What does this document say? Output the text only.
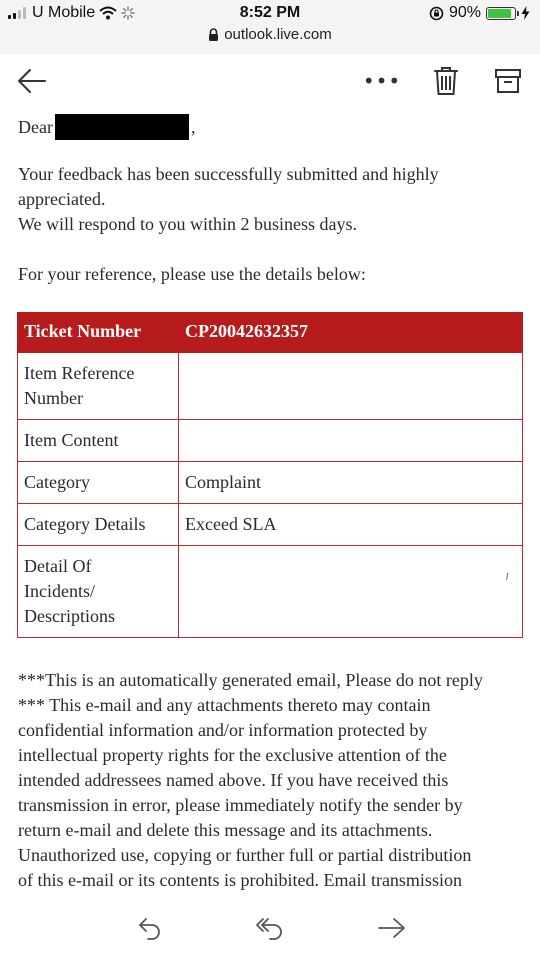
U Mobile	8:52 PM
outlook.live.com
90%
•••
Dear	,
Your feedback has been successfully submitted and highly
appreciated.
We will respond to you within 2 business days.
For your reference, please use the details below:
Ticket Number	CP20042632357

Item Reference
Number	

Item Content	

Category	Complaint

Category Details	Exceed SLA

Detail Of
Incidents/
Descriptions	𝚤
***This is an automatically generated email, Please do not reply
*** This e-mail and any attachments thereto may contain
confidential information and/or information protected by
intellectual property rights for the exclusive attention of the
intended addressees named above. If you have received this
transmission in error, please immediately notify the sender by
return e-mail and delete this message and its attachments.
Unauthorized use, copying or further full or partial distribution
of this e-mail or its contents is prohibited. Email transmission
